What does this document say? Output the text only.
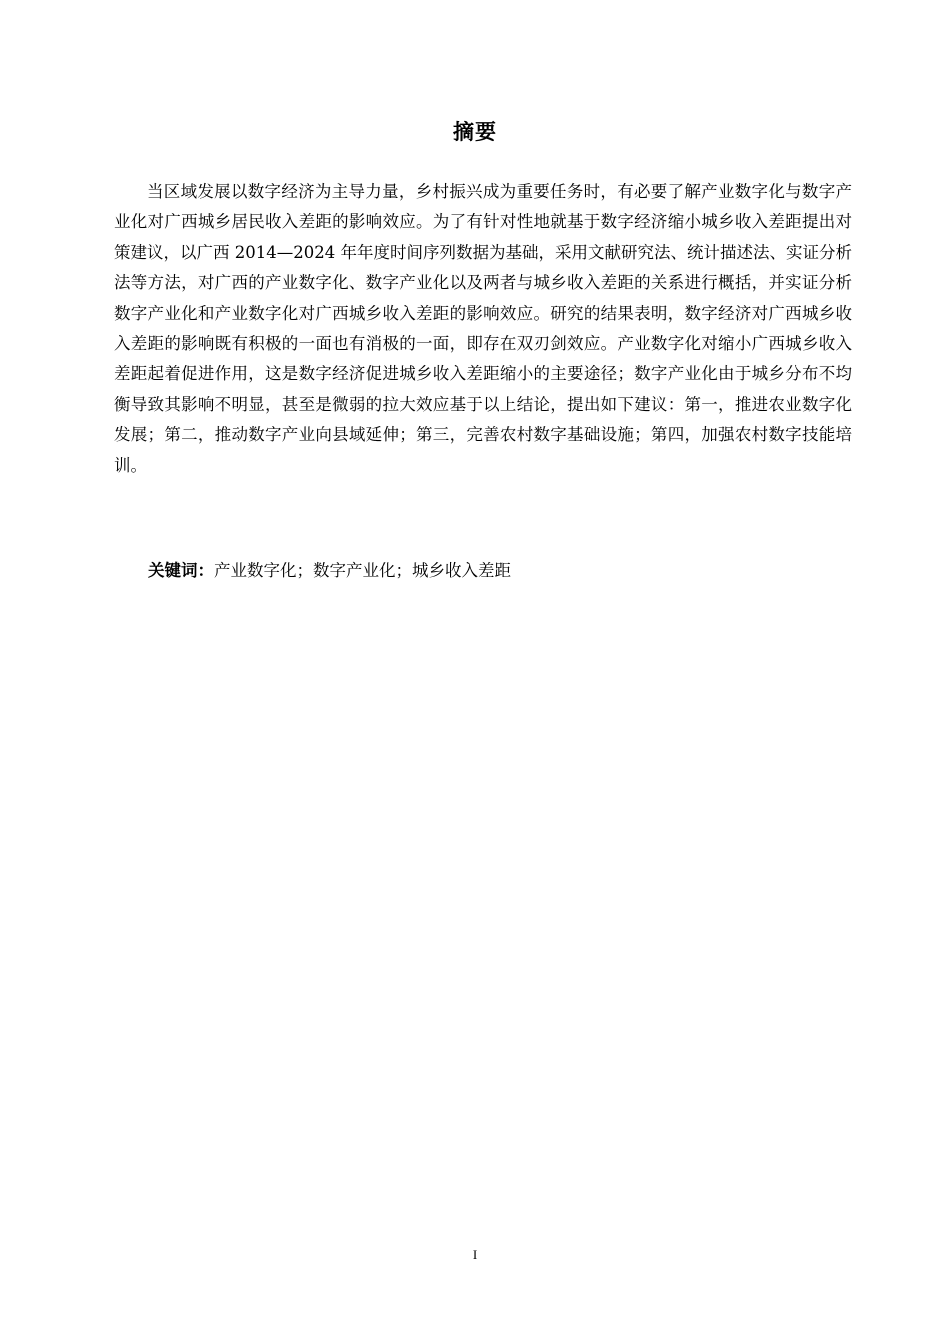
摘要

当区域发展以数字经济为主导力量，乡村振兴成为重要任务时，有必要了解产业数字化与数字产业化对广西城乡居民收入差距的影响效应。为了有针对性地就基于数字经济缩小城乡收入差距提出对策建议，以广西 2014—2024 年年度时间序列数据为基础，采用文献研究法、统计描述法、实证分析法等方法，对广西的产业数字化、数字产业化以及两者与城乡收入差距的关系进行概括，并实证分析数字产业化和产业数字化对广西城乡收入差距的影响效应。研究的结果表明，数字经济对广西城乡收入差距的影响既有积极的一面也有消极的一面，即存在双刃剑效应。产业数字化对缩小广西城乡收入差距起着促进作用，这是数字经济促进城乡收入差距缩小的主要途径；数字产业化由于城乡分布不均衡导致其影响不明显，甚至是微弱的拉大效应基于以上结论，提出如下建议：第一，推进农业数字化发展；第二，推动数字产业向县域延伸；第三，完善农村数字基础设施；第四，加强农村数字技能培训。

关键词：产业数字化；数字产业化；城乡收入差距

I
